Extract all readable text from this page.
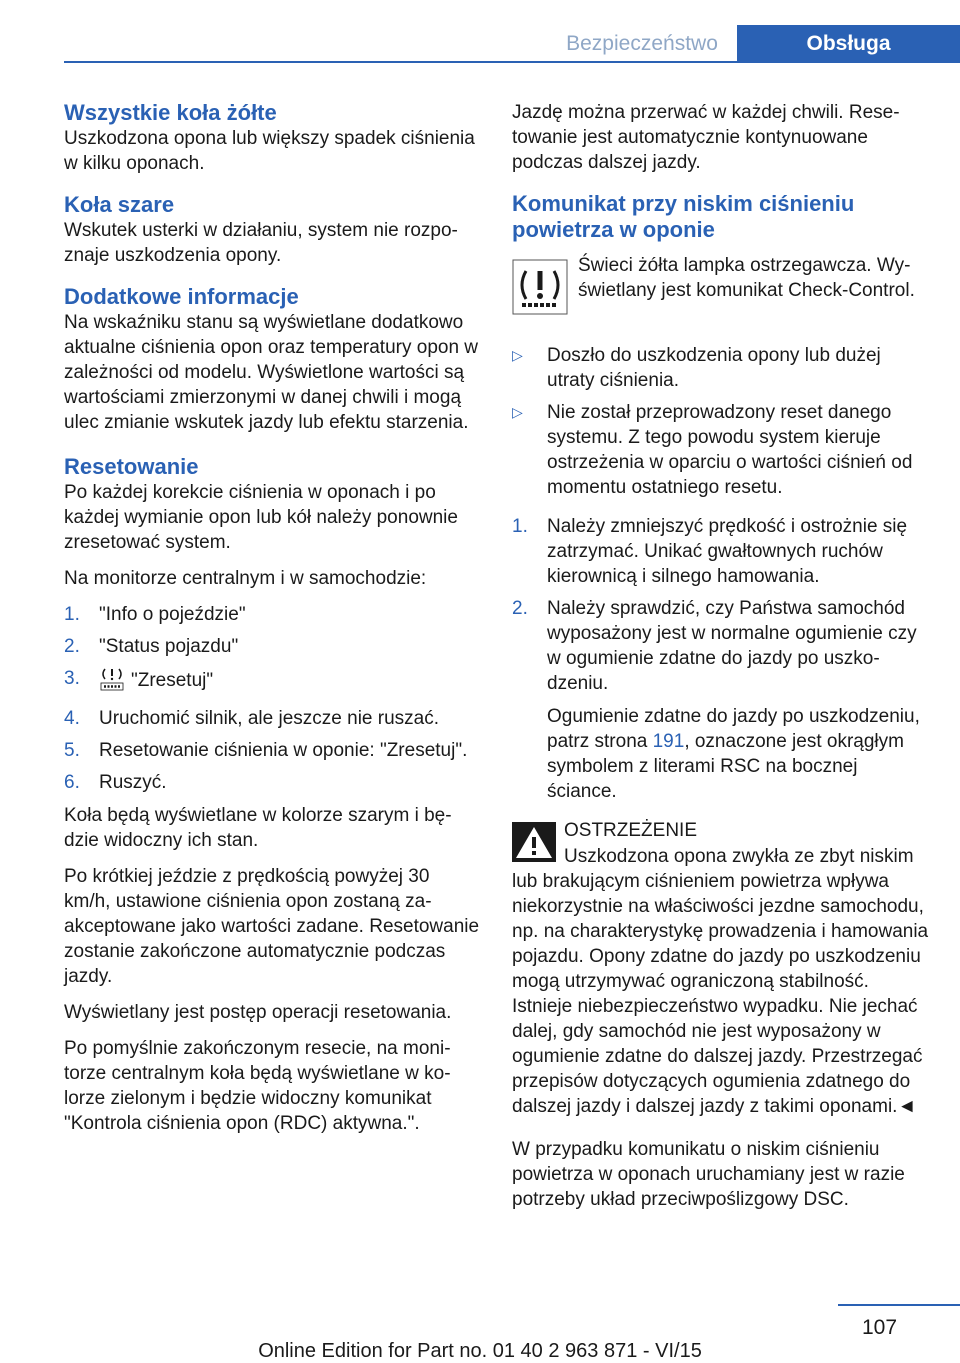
Bezpieczeństwo	Obsługa
Wszystkie koła żółte

Uszkodzona opona lub większy spadek ciśnienia w kilku oponach.

Koła szare

Wskutek usterki w działaniu, system nie rozpoznaje uszkodzenia opony.

Dodatkowe informacje

Na wskaźniku stanu są wyświetlane dodatkowo aktualne ciśnienia opon oraz temperatury opon w zależności od modelu. Wyświetlone wartości są wartościami zmierzonymi w danej chwili i mogą ulec zmianie wskutek jazdy lub efektu starzenia.

Resetowanie

Po każdej korekcie ciśnienia w oponach i po każdej wymianie opon lub kół należy ponownie zresetować system.

Na monitorze centralnym i w samochodzie:

1. "Info o pojeździe"
2. "Status pojazdu"
3.	"Zresetuj"
4. Uruchomić silnik, ale jeszcze nie ruszać.
5. Resetowanie ciśnienia w oponie: "Zresetuj".
6. Ruszyć.

Koła będą wyświetlane w kolorze szarym i będzie widoczny ich stan.

Po krótkiej jeździe z prędkością powyżej 30 km/h, ustawione ciśnienia opon zostaną zaakceptowane jako wartości zadane. Resetowanie zostanie zakończone automatycznie podczas jazdy.

Wyświetlany jest postęp operacji resetowania.

Po pomyślnie zakończonym resecie, na monitorze centralnym koła będą wyświetlane w kolorze zielonym i będzie widoczny komunikat "Kontrola ciśnienia opon (RDC) aktywna.".

Jazdę można przerwać w każdej chwili. Resetowanie jest automatycznie kontynuowane podczas dalszej jazdy.

Komunikat przy niskim ciśnieniu powietrza w oponie
Świeci żółta lampka ostrzegawcza. Wyświetlany jest komunikat Check-Control.
▷ Doszło do uszkodzenia opony lub dużej utraty ciśnienia.
▷ Nie został przeprowadzony reset danego systemu. Z tego powodu system kieruje ostrzeżenia w oparciu o wartości ciśnień od momentu ostatniego resetu.
1. Należy zmniejszyć prędkość i ostrożnie się zatrzymać. Unikać gwałtownych ruchów kierownicą i silnego hamowania.
2. Należy sprawdzić, czy Państwa samochód wyposażony jest w normalne ogumienie czy w ogumienie zdatne do jazdy po uszkodzeniu.

Ogumienie zdatne do jazdy po uszkodzeniu, patrz strona 191, oznaczone jest okrągłym symbolem z literami RSC na bocznej ściance.

OSTRZEŻENIE

Uszkodzona opona zwykła ze zbyt niskim lub brakującym ciśnieniem powietrza wpływa niekorzystnie na właściwości jezdne samochodu, np. na charakterystykę prowadzenia i hamowania pojazdu. Opony zdatne do jazdy po uszkodzeniu mogą utrzymywać ograniczoną stabilność. Istnieje niebezpieczeństwo wypadku. Nie jechać dalej, gdy samochód nie jest wyposażony w ogumienie zdatne do dalszej jazdy. Przestrzegać przepisów dotyczących ogumienia zdatnego do dalszej jazdy i dalszej jazdy z takimi oponami.◄

W przypadku komunikatu o niskim ciśnieniu powietrza w oponach uruchamiany jest w razie potrzeby układ przeciwpoślizgowy DSC.

107
Online Edition for Part no. 01 40 2 963 871 - VI/15
